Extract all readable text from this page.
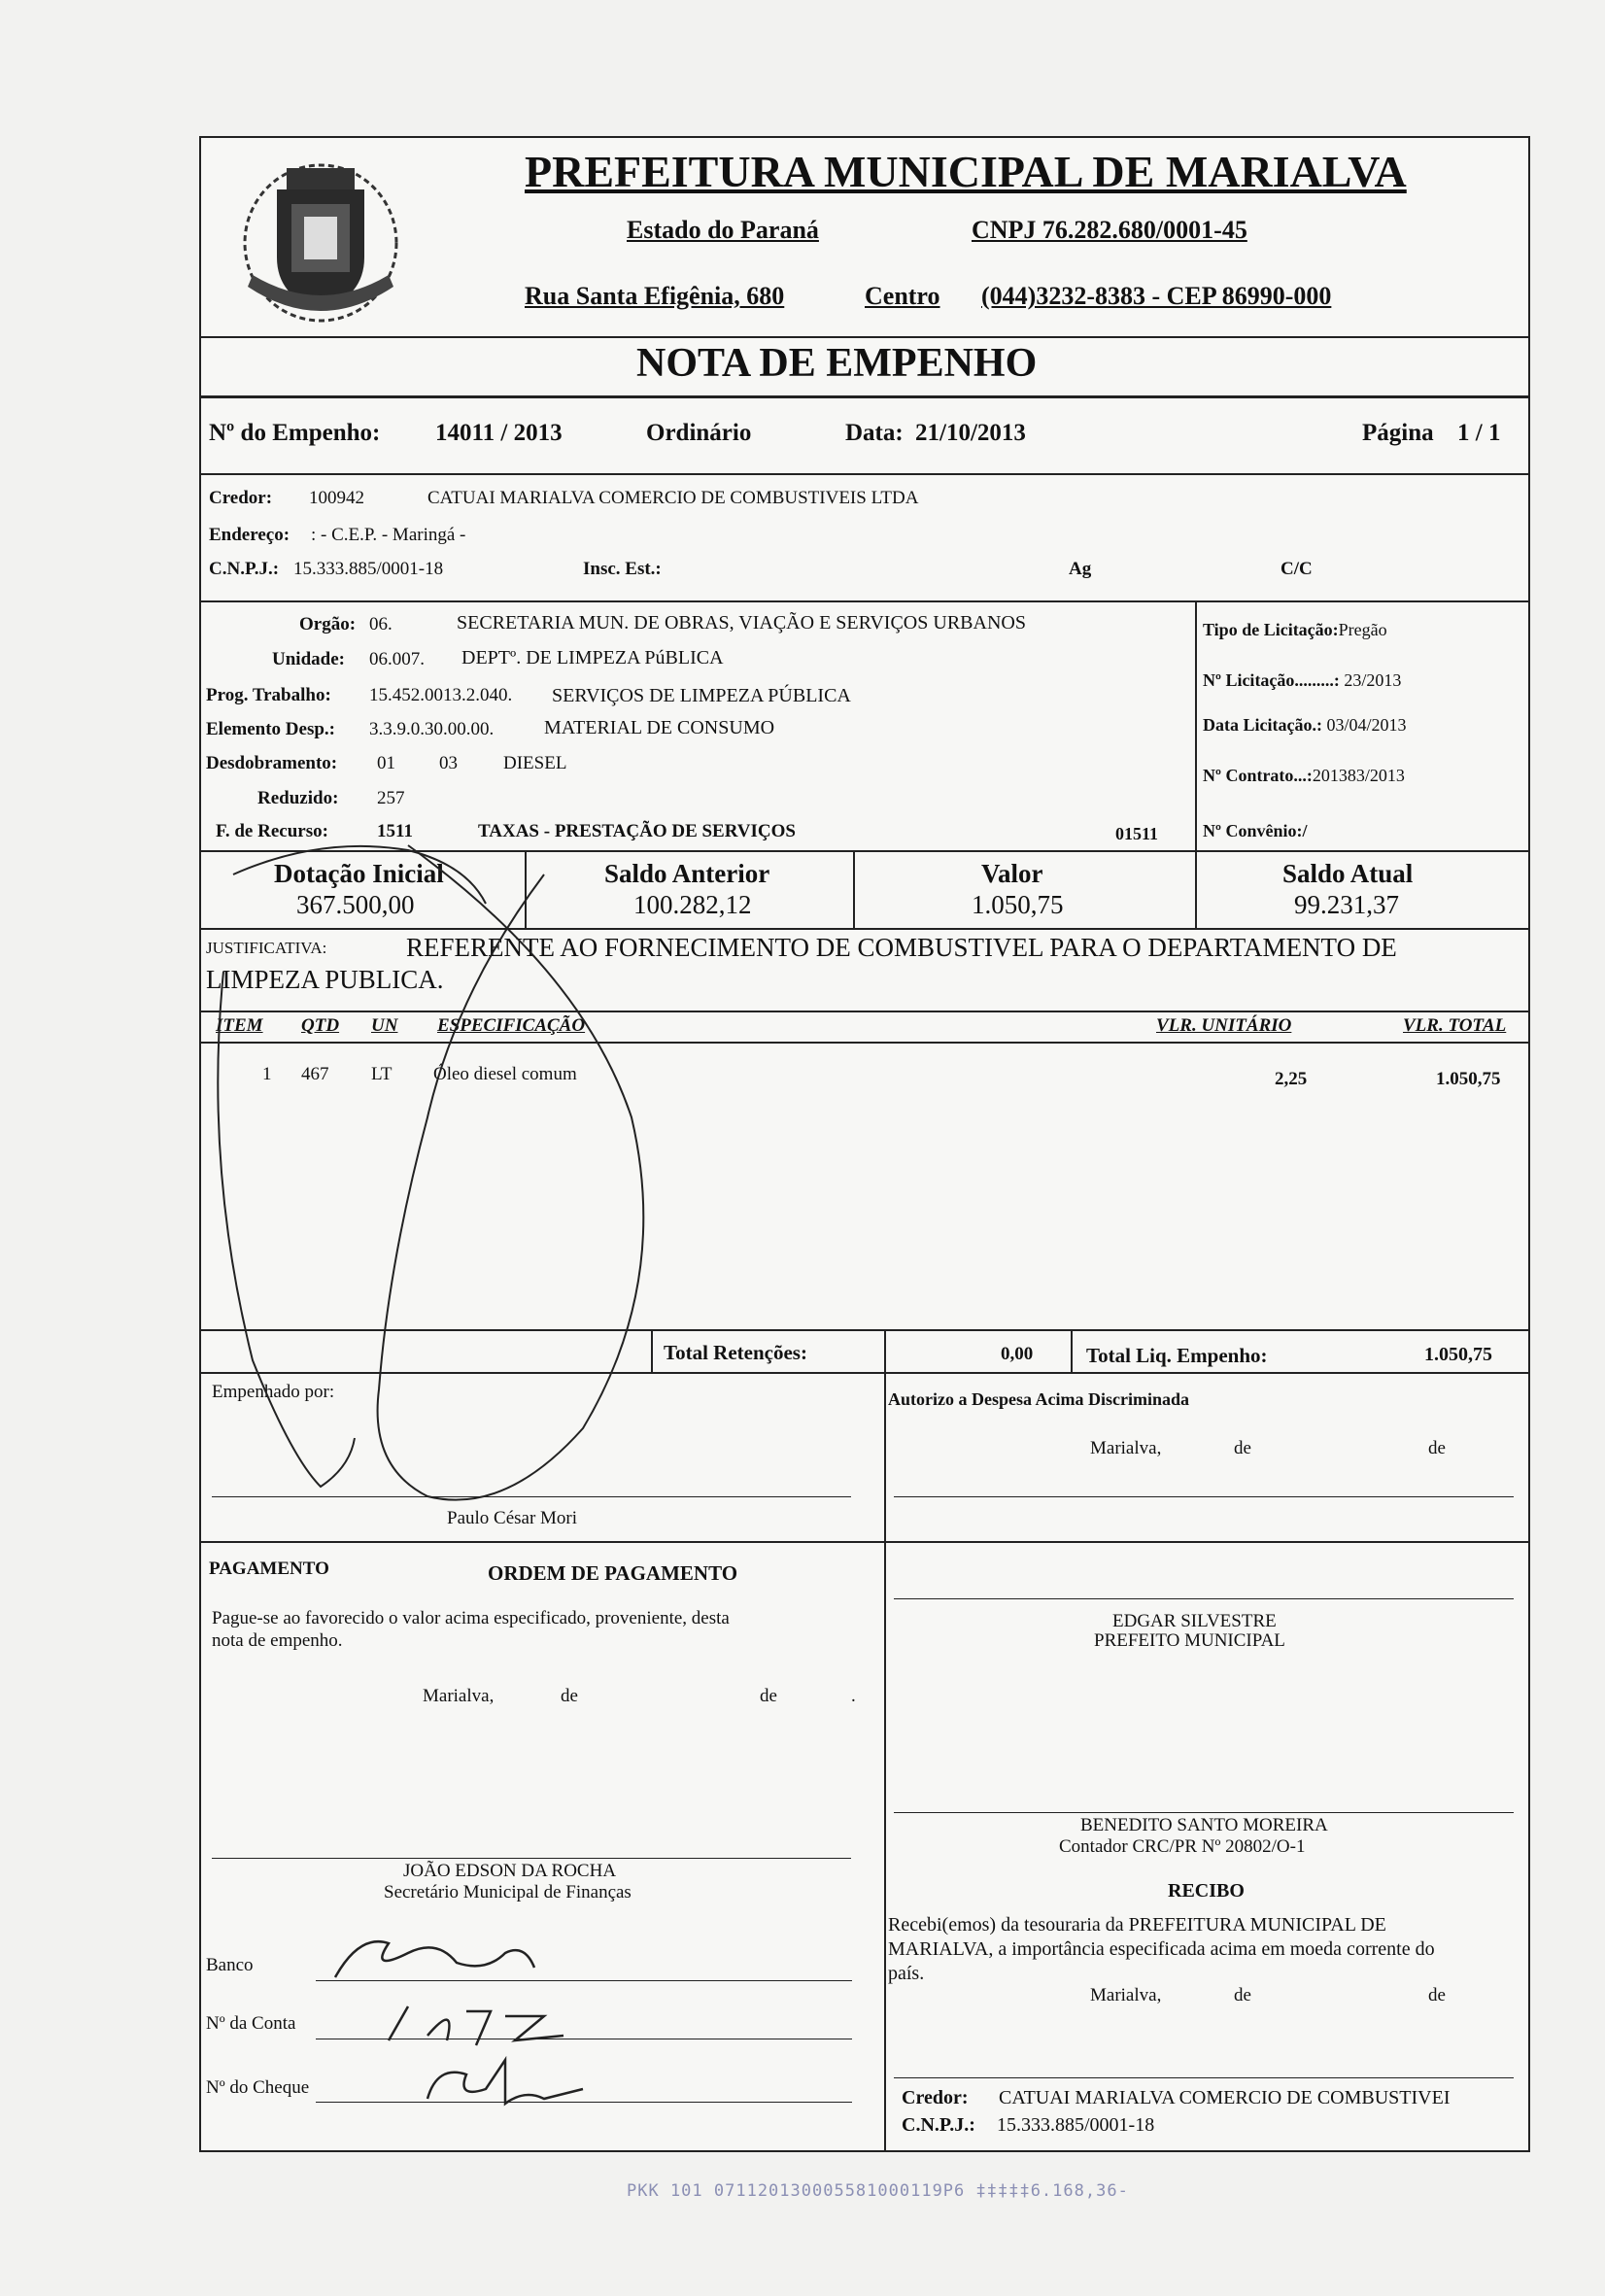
PREFEITURA MUNICIPAL DE MARIALVA
Estado do Paraná	CNPJ 76.282.680/0001-45
Rua Santa Efigênia, 680	Centro (044)3232-8383 - CEP 86990-000
NOTA DE EMPENHO
Nº do Empenho: 14011 / 2013	Ordinário	Data: 21/10/2013	Página 1 / 1
Credor: 100942	CATUAI MARIALVA COMERCIO DE COMBUSTIVEIS LTDA
Endereço: : - C.E.P. - Maringá -
C.N.P.J.: 15.333.885/0001-18	Insc. Est.:	Ag	C/C
Orgão: 06.	SECRETARIA MUN. DE OBRAS, VIAÇÃO E SERVIÇOS URBANOS
Unidade: 06.007. DEPTº. DE LIMPEZA PúBLICA
Prog. Trabalho: 15.452.0013.2.040. SERVIÇOS DE LIMPEZA PÚBLICA
Elemento Desp.: 3.3.9.0.30.00.00.	MATERIAL DE CONSUMO
Desdobramento: 01 03 DIESEL
Reduzido: 257
F. de Recurso:	1511	TAXAS - PRESTAÇÃO DE SERVIÇOS	01511
Tipo de Licitação:Pregão
Nº Licitação.........: 23/2013
Data Licitação.: 03/04/2013
Nº Contrato...:201383/2013
Nº Convênio:/
Dotação Inicial
367.500,00
Saldo Anterior
100.282,12
Valor
1.050,75
Saldo Atual
99.231,37
JUSTIFICATIVA:	REFERENTE AO FORNECIMENTO DE COMBUSTIVEL PARA O DEPARTAMENTO DE
LIMPEZA PUBLICA.
ITEM QTD UN ESPECIFICAÇÃO	VLR. UNITÁRIO	VLR. TOTAL
1 467 LT Óleo diesel comum	2,25	1.050,75
Total Retenções:	0,00	Total Liq. Empenho:	1.050,75
Empenhado por:	Autorizo a Despesa Acima Discriminada
Marialva,	de	de
Paulo César Mori
PAGAMENTO	ORDEM DE PAGAMENTO
Pague-se ao favorecido o valor acima especificado, proveniente, desta
nota de empenho.
Marialva,	de	de	.
EDGAR SILVESTRE
PREFEITO MUNICIPAL
BENEDITO SANTO MOREIRA
Contador CRC/PR Nº 20802/O-1
JOÃO EDSON DA ROCHA
Secretário Municipal de Finanças	RECIBO
Recebi(emos) da tesouraria da PREFEITURA MUNICIPAL DE
MARIALVA, a importância especificada acima em moeda corrente do
país.
Marialva,	de	de
Credor: CATUAI MARIALVA COMERCIO DE COMBUSTIVEI
C.N.P.J.: 15.333.885/0001-18
Banco
Nº da Conta
Nº do Cheque
PKK 101 071120130005581000119P6 ‡‡‡‡‡6.168,36-
